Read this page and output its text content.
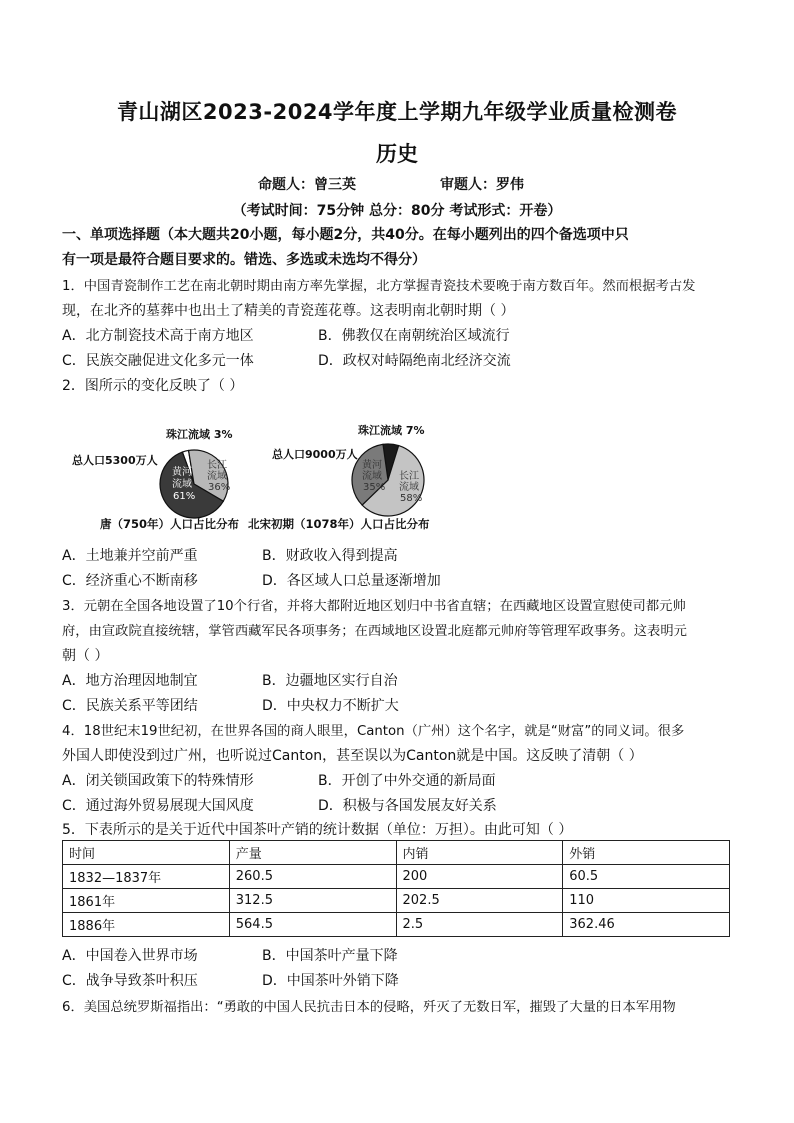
青山湖区2023-2024学年度上学期九年级学业质量检测卷
历史
命题人：曾三英	审题人：罗伟
（考试时间：75分钟 总分：80分 考试形式：开卷）
一、单项选择题（本大题共20小题，每小题2分，共40分。在每小题列出的四个备选项中只
有一项是最符合题目要求的。错选、多选或未选均不得分）
1．中国青瓷制作工艺在南北朝时期由南方率先掌握，北方掌握青瓷技术要晚于南方数百年。然而根据考古发
现，在北齐的墓葬中也出土了精美的青瓷莲花尊。这表明南北朝时期（ ）
A．北方制瓷技术高于南方地区	B．佛教仅在南朝统治区域流行
C．民族交融促进文化多元一体	D．政权对峙隔绝南北经济交流
2．图所示的变化反映了（ ）
总人口5300万人	总人口9000万人
珠江流域 3%	珠江流域 7%
黄河
流域
61%
长江
流域
36%
黄河
流域
35%
长江
流域
58%
唐（750年）人口占比分布 北宋初期（1078年）人口占比分布
A．土地兼并空前严重	B．财政收入得到提高
C．经济重心不断南移	D．各区域人口总量逐渐增加
3．元朝在全国各地设置了10个行省，并将大都附近地区划归中书省直辖；在西藏地区设置宣慰使司都元帅
府，由宣政院直接统辖，掌管西藏军民各项事务；在西域地区设置北庭都元帅府等管理军政事务。这表明元
朝（ ）
A．地方治理因地制宜	B．边疆地区实行自治
C．民族关系平等团结	D．中央权力不断扩大
4．18世纪末19世纪初，在世界各国的商人眼里，Canton（广州）这个名字，就是“财富”的同义词。很多
外国人即使没到过广州，也听说过Canton，甚至误以为Canton就是中国。这反映了清朝（ ）
A．闭关锁国政策下的特殊情形	B．开创了中外交通的新局面
C．通过海外贸易展现大国风度	D．积极与各国发展友好关系
5．下表所示的是关于近代中国茶叶产销的统计数据（单位：万担）。由此可知（ ）
时间	产量	内销	外销
1832—1837年	260.5	200	60.5
1861年	312.5	202.5	110
1886年	564.5	2.5	362.46
A．中国卷入世界市场	B．中国茶叶产量下降
C．战争导致茶叶积压	D．中国茶叶外销下降
6．美国总统罗斯福指出：“勇敢的中国人民抗击日本的侵略，歼灭了无数日军，摧毁了大量的日本军用物
